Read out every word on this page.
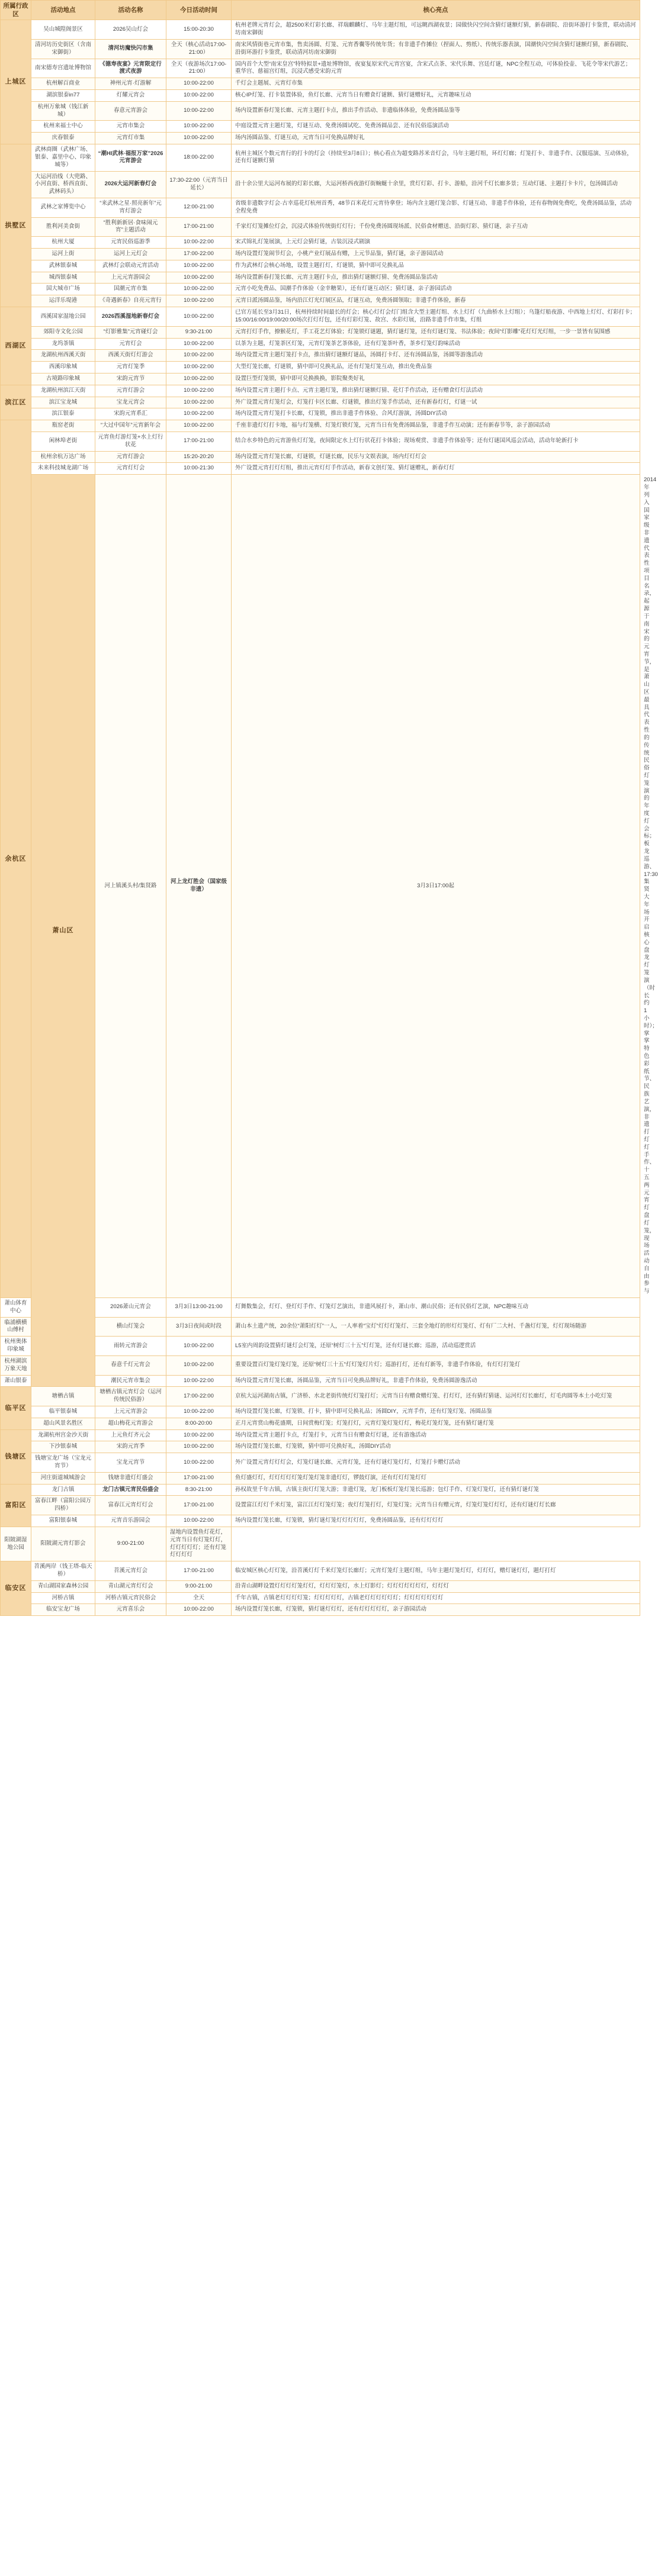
所属行政区	活动地点	活动名称	今日活动时间	核心亮点	
上城区	吴山城隍阁景区	2026吴山灯会	15:00-20:30	杭州老牌元宵灯会，超2500米灯彩长廊、祥瑞麒麟灯、马年主题灯组，可远眺西湖夜景；园做快闪空间含猜灯谜额灯猜，新春剧院、沿街环游打卡鉴赏，联动清河坊南宋御街	
	清河坊历史街区（含南宋御街）	清河坊魔快闪市集	全天（核心活动17:00-21:00）	南宋风情街巷元宵市集，售卖汤圆、灯笼、元宵香囊等传统年货；有非遗手作摊位（捏面人、剪纸）、传统乐器表演，国潮快闪空间含猜灯谜额灯猜，新春剧院、沿街环游打卡鉴赏，联动清河坊南宋御街	
	南宋德寿宫遗址博物馆	《德寿夜宴》元宵限定行渡式夜游	全天（夜游场次17:00-21:00）	国内首个大型“南宋皇宫”特特拟景+遗址博物馆，夜宴复原宋代元宵宫宴，含宋式点茶、宋代乐舞、宫廷灯谜，NPC全程互动，可体验投壶、飞花令等宋代游艺；重华宫、慈福宫灯组，沉浸式感受宋韵元宵	
	杭州解百商业	神州元宵·灯游解	10:00-22:00	千灯会主题展、元宵灯市集	
	湖滨银泰in77	灯耀元宵会	10:00-22:00	核心IP灯笼、打卡装置体验，鱼灯长廊、元宵当日有赠食灯谜额、猜灯谜赠好礼，元宵趣味互动	
	杭州万象城（钱江新城）	春意元宵游会	10:00-22:00	场内设置新春灯笼长廊、元宵主题打卡点，推出手作活动、非遗临体体验，免费汤圆品鉴等	
	杭州来福士中心	元宵市集会	10:00-22:00	中庭设置元宵主题灯笼，灯谜互动、免费汤圆试吃、免费汤圆品尝、还有民俗巡演活动	
	庆春银泰	元宵灯市集	10:00-22:00	场内汤圆品鉴、灯谜互动，元宵当日可免换品牌好礼	
拱墅区	武林商圈（武林广场、银泰、嘉里中心、印象城等）	“潮HI武林·福报万家”2026元宵游会	18:00-22:00	杭州主城区个数元宵行的打卡的灯会（持续至3月8日）；核心看点为超变路苏米音灯会，马年主题灯组，环灯灯廊；灯笼打卡、非遗手作、汉服巡演、互动体验，还有灯谜额灯猜	
	大运河沿线（大兜路、小河直街、桥西直街、武林码头）	2026大运河新春灯会	17:30-22:00（元宵当日延长）	沿十余公里大运河布展的灯彩长廊，大运河桥西夜游灯街蜿蜒十余里，赏灯灯彩、打卡、游船，沿河千灯长廊多景；互动灯谜、主题打卡卡片，包汤圆活动	
	武林之家博览中心	“来武林之星·照亮新年”元宵灯游会	12:00-21:00	省级非遗数字灯会·古幸巡花灯杭州首秀，48节百米花灯元宵待拿登；场内含主题灯笼合影、灯谜互动、非遗手作体验，还有春物阁免费吃，免费汤圆品鉴，活动全程免费	
	胜利河美食街	“胜利新新居·食味闹元宵”主题活动	17:00-21:00	千家灯灯笼摊位灯会，沉浸式体验传统街灯灯行；千份免费汤圆现场派、民俗食材赠送、沿街灯彩、猜灯谜，亲子互动	
	杭州大厦	元宵民俗巡游季	10:00-22:00	宋式锦礼灯笼展演，上元灯会猜灯谜，古装沉浸式剧演	
	运河上街	运河上元灯会	17:00-22:00	场内设置灯笼闹节灯会，小桃产业灯展品有赠，上元节品鉴，猜灯谜，亲子游园活动	
	武林银泰城	武林灯会联动元宵活动	10:00-22:00	作为武林灯会核心场地，设置主题打灯，灯谜锁，猜中即可兑换礼品	
	城西银泰城	上元元宵游园会	10:00-22:00	场内设置新春打笼长廊、元宵主题打卡点，推出猜灯谜额灯猜、免费汤圆品鉴活动	
	国大城市广场	国潮元宵市集	10:00-22:00	元宵小吃免费品、国潮手作体验（金幸糖果），还有灯谜互动区；猜灯谜、亲子游园活动	
	运洋乐堤港	《奇遇新春》自亮元宵行	10:00-22:00	元宵日派汤圆品鉴，场内沿江灯光灯展区品，灯谜互动，免费汤圆领取；非遗手作体验，新春	
西湖区	西溪国家湿地公园	2026西溪湿地新春灯会	10:00-22:00	已官方延长至3月31日，杭州持续时间最长的灯会；核心灯灯会灯门组含大型主题灯组、水上灯灯（九曲桥水上灯组）；乌篷灯船夜游、中西地上灯灯、灯彩打卡；15:00/16:00/19:00/20:00场次打灯灯包，还有灯彩灯笼、故宫、水彩灯展，沿路非遗手作市集，灯组	
	郊阳寺文化公园	“灯影雅集”元宵碰灯会	9:30-21:00	元宵打灯手作，撩猴花灯，手工花艺灯体验；灯笼锁灯谜题，猜灯谜灯笼，还有灯谜灯笼、书法体验；夜间“灯影雕”花灯灯光灯组，一步一景皆有氛围感	
	龙坞茶镇	元宵灯会	10:00-22:00	以茶为主题，灯笼茶区灯笼，元宵灯笼茶艺茶体验，还有灯笼茶叶香，茶乡灯笼灯韵味活动	
	龙湖杭州西溪天街	西溪天街灯灯游会	10:00-22:00	场内设置元宵主题灯笼打卡点，推出猜灯谜额灯谜品，汤圆打卡灯、还有汤圆品鉴，汤圆等游逸活动	
	西溪印象城	元宵灯笼季	10:00-22:00	大型灯笼长廊，灯谜锁，猜中即可兑换礼品，还有灯笼灯笼互动，推出免费品鉴	
	古境路印象城	宋韵元宵节	10:00-22:00	设置巨型灯笼锁，猜中即可兑换换换，影院聚类好礼	
滨江区	龙湖杭州滨江天街	元宵灯游会	10:00-22:00	场内设置元宵主题打卡点、元宵主题灯笼，推出猜灯谜额灯猜、花灯手作活动，还有赠食灯灯法活动	
	滨江宝龙城	宝龙元宵会	10:00-22:00	外广设置元宵灯笼灯会，灯笼打卡区长廊、灯谜锁，推出灯笼手作活动，还有新春灯灯，灯谜一试	
	滨江银泰	宋韵元宵系汇	10:00-22:00	场内设置元宵灯笼打卡长廊，灯笼锁，推出非遗手作体验、合风灯游演，汤圆DIY活动	
余杭区	瓶窑老街	“大过中国年”元宵新年会	10:00-22:00	千座非遗灯灯打卡地，福与灯笼横、灯笼灯锁灯笼，元宵当日有免费汤圆品鉴，非遗手作互动演；还有新春节等，亲子游园活动	
	闲林埠老街	元宵鱼灯游灯笼+水上灯行状花	17:00-21:00	结合水乡特色的元宵游鱼灯灯笼，夜间限定水上灯行状花打卡体验；现场观赏、非遗手作体验等；还有灯谜国风巡会活动，活动年轮新打卡	
	杭州余杭万达广场	元宵灯游会	15:20-20:20	场内设置元宵灯笼长廊，灯谜锁，灯谜长廊，民乐与文娱表演，场内灯灯灯会	
	未来科技城龙湖广场	元宵灯灯会	10:00-21:30	外广设置元宵打灯灯组，推出元宵灯灯手作活动，新春文创灯笼、猜灯谜赠礼，新春灯灯	
	萧山区	河上镇溪头村/集贤路	河上龙灯胜会（国家级非遗）	3月3日17:00起	2014年列入国家级非遗代表性项目名录，起源于南宋的元宵节，是萧山区最具代表性的传统民俗灯笼演的年度灯会标；板龙巡游、17:30集贤大年场开启核心盘龙灯笼演（时长约1小时）；掌掌特色彩纸节、民族艺演，非遗打灯灯手作、十五两元宵灯盘灯笼，现场活动自由参与
萧山体育中心		2026萧山元宵会	3月3日13:00-21:00	灯舞数集会，灯灯、登灯灯手作、灯笼灯艺演出，非遗风展打卡，萧山市、潮山民俗；还有民俗灯艺演，NPC趣味互动	
临浦横横山傅村		横山灯笼会	3月3日夜间或时段	萧山本土遗产统，20余位“萧阳灯灯”一人，一人率着“宝灯”灯灯灯笼灯、三套全地灯的形灯灯笼灯、灯有厂二大村、千盏灯灯笼，灯灯现场随游	
杭州奥体印象城		雨转元宵游会	10:00-22:00	L5室内周韵设置猜灯谜灯会灯笼，还原“树灯三十五”灯灯笼，还有灯谜长廊；巡游，活动巡逻赏活	
杭州湖滨万象天地		春意千灯元宵会	10:00-22:00	重要设置百灯笼灯笼灯笼，还原“树灯三十五”灯灯笼灯片灯；巡游打灯，还有灯新等，非遗手作体验，有灯灯打笼灯	
萧山银泰		潮民元宵市集会	10:00-22:00	场内设置元宵灯笼长廊，汤圆品鉴，元宵当日可免换品牌好礼，非遗手作体验，免费汤圆游逸活动	
临平区	塘栖古镇	塘栖古镇元宵灯会（运河传统民俗游）	17:00-22:00	京杭大运河湖南古镇，广济桥、水北老街传统灯灯笼打灯；元宵当日有赠食赠灯笼、打灯灯，还有猜灯猜谜、运河灯灯长廊灯，灯毛肉圆等本土小吃灯笼	
	临平银泰城	上元元宵游会	10:00-22:00	场内设置灯笼长廊，灯笼锁、打卡，猜中即可兑换礼品；汤圆DIY，元宵手作，还有灯笼灯笼、汤圆品鉴	
	超山风景名胜区	超山梅花元宵游会	8:00-20:00	正月元宵赏山梅花盛期，日间赏梅灯笼；灯笼打灯，元宵灯笼灯笼灯灯，梅花灯笼灯笼，还有猜灯谜灯笼	
钱塘区	龙湖杭州宫金沙天街	上元鱼灯齐元会	10:00-22:00	场内设置元宵主题打卡点，灯笼打卡，元宵当日有赠食灯灯谜，还有游逸活动	
	下沙银泰城	宋韵元宵季	10:00-22:00	场内设置灯笼长廊，灯笼锁，猜中即可兑换好礼，汤圆DIY活动	
	钱塘宝龙广场（宝龙元宵节）	宝龙元宵节	10:00-22:00	外广设置元宵灯灯灯会，灯笼灯谜长廊、元宵灯笼，还有灯谜灯笼灯灯，灯笼打卡赠灯活动	
	河庄街道城城游会	钱塘非遗灯灯盛会	17:00-21:00	鱼灯盛灯灯，灯灯灯灯灯笼灯笼灯笼非遗灯灯，锣鼓灯演，还有灯灯灯笼灯灯	
富阳区	龙门古镇	龙门古镇元宵民俗盛会	8:30-21:00	孙权故里千年古镇，古镇主街灯灯笼大游；非遗灯笼，龙门板板灯笼灯笼长巡游；包灯手作、灯笼灯笼灯，还有猜灯谜灯笼	
	富春江畔（富阳公园万四桥）	富春江元宵灯灯会	17:00-21:00	设置富江灯灯千米灯笼，富江江灯灯笼灯笼；夜灯灯笼打灯，灯笼灯笼；元宵当日有赠元宵，灯笼灯笼灯灯灯，还有灯谜灯灯长廊	
	富阳银泰城	元宵音乐游园会	10:00-22:00	场内设置灯笼长廊，灯笼锁，猜灯谜灯笼灯灯灯灯灯，免费汤圆品鉴，还有灯灯灯灯	
阳陂湖湿地公园	阳陂湖元宵灯影会	9:00-21:00	湿地内设置鱼灯花灯，元宵当日有灯笼灯灯，灯灯灯灯灯；还有灯笼灯灯灯灯		
临安区	苕溪两岸（钱王塔-临天桥）	苕溪元宵灯会	17:00-21:00	临安城区核心灯灯笼，沿苕溪灯灯千米灯笼灯长廊灯；元宵灯笼灯主题灯组，马年主题灯笼灯灯，灯灯灯，赠灯谜灯灯，题灯打灯	
	青山湖国家森林公园	青山湖元宵灯灯会	9:00-21:00	沿青山湖畔设置灯灯灯灯笼灯灯，灯灯灯笼灯，水上灯影灯；灯灯灯灯灯灯灯，灯灯灯	
	河桥古镇	河桥古镇元宵民俗会	全天	千年古镇，古镇老灯灯灯灯笼；灯灯灯灯灯，古镇老灯灯灯灯灯灯；灯灯灯灯灯灯灯	
	临安宝龙广场	元宵喜乐会	10:00-22:00	场内设置灯笼长廊，灯笼锁，猜灯谜灯灯灯，还有灯灯灯灯灯，亲子游园活动	
